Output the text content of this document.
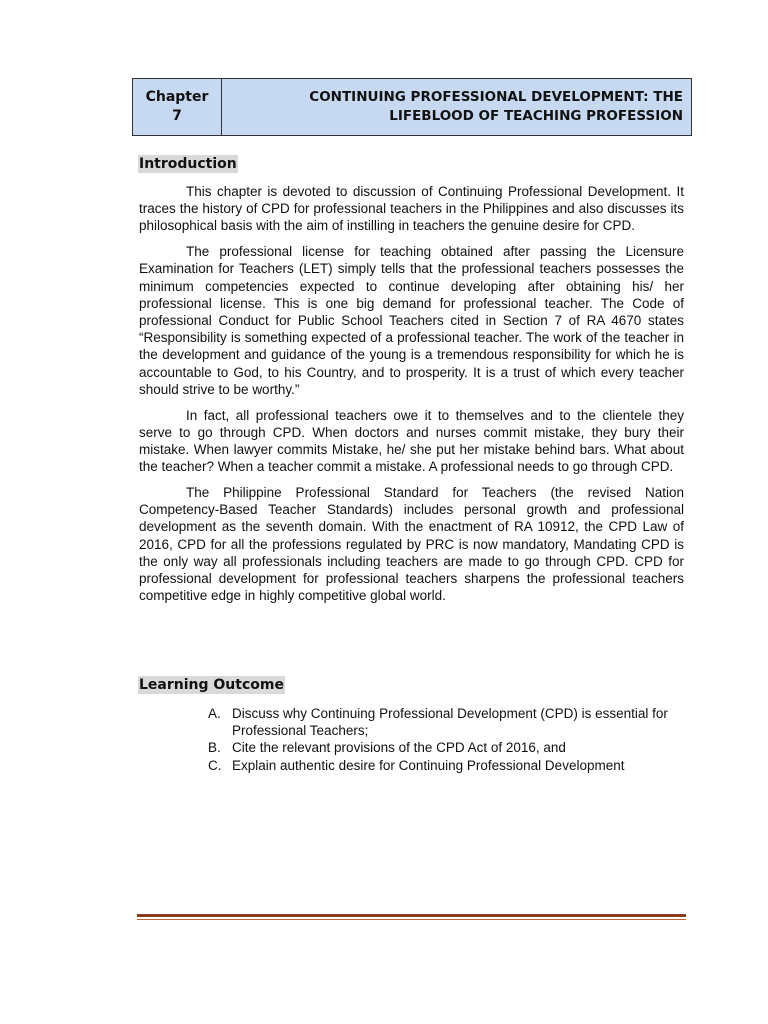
Chapter
7
CONTINUING PROFESSIONAL DEVELOPMENT: THE
LIFEBLOOD OF TEACHING PROFESSION
Introduction

This chapter is devoted to discussion of Continuing Professional Development. It traces the history of CPD for professional teachers in the Philippines and also discusses its philosophical basis with the aim of instilling in teachers the genuine desire for CPD.

The professional license for teaching obtained after passing the Licensure Examination for Teachers (LET) simply tells that the professional teachers possesses the minimum competencies expected to continue developing after obtaining his/ her professional license. This is one big demand for professional teacher. The Code of professional Conduct for Public School Teachers cited in Section 7 of RA 4670 states “Responsibility is something expected of a professional teacher. The work of the teacher in the development and guidance of the young is a tremendous responsibility for which he is accountable to God, to his Country, and to prosperity. It is a trust of which every teacher should strive to be worthy.”

In fact, all professional teachers owe it to themselves and to the clientele they serve to go through CPD. When doctors and nurses commit mistake, they bury their mistake. When lawyer commits Mistake, he/ she put her mistake behind bars. What about the teacher? When a teacher commit a mistake. A professional needs to go through CPD.

The Philippine Professional Standard for Teachers (the revised Nation Competency-Based Teacher Standards) includes personal growth and professional development as the seventh domain. With the enactment of RA 10912, the CPD Law of 2016, CPD for all the professions regulated by PRC is now mandatory, Mandating CPD is the only way all professionals including teachers are made to go through CPD. CPD for professional development for professional teachers sharpens the professional teachers competitive edge in highly competitive global world.

Learning Outcome
A. Discuss why Continuing Professional Development (CPD) is essential for Professional Teachers;
B. Cite the relevant provisions of the CPD Act of 2016, and
C. Explain authentic desire for Continuing Professional Development
